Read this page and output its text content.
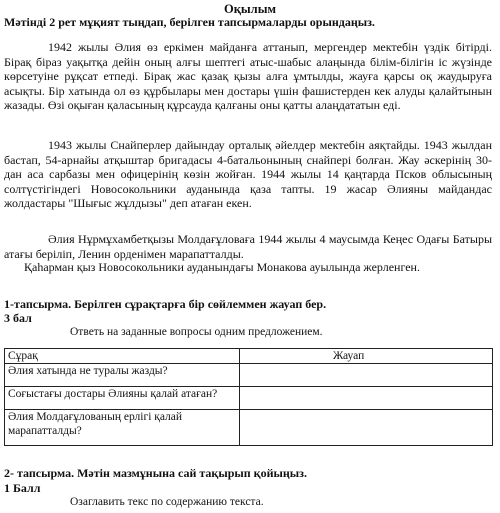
Оқылым
Мәтінді 2 рет мұқият тыңдап, берілген тапсырмаларды орындаңыз.
1942 жылы Әлия өз еркімен майданға аттанып, мергендер мектебін үздік бітірді. Бірақ біраз уақытқа дейін оның алғы шептегі атыс-шабыс алаңында білім-білігін іс жүзінде көрсетуіне рұқсат етпеді. Бірақ жас қазақ қызы алға ұмтылды, жауға қарсы оқ жаудыруға асықты. Бір хатында ол өз құрбылары мен достары үшін фашистерден кек алуды қалайтынын жазады. Өзі оқыған қаласының құрсауда қалғаны оны қатты алаңдататын еді.
1943 жылы Снайперлер дайындау орталық әйелдер мектебін аяқтайды. 1943 жылдан бастап, 54-арнайы атқыштар бригадасы 4-батальонының снайпері болған. Жау әскерінің 30-дан аса сарбазы мен офицерінің көзін жойған. 1944 жылы 14 қаңтарда Псков облысының солтүстігіндегі Новосокольники ауданында қаза тапты. 19 жасар Әлияны майдандас жолдастары "Шығыс жұлдызы" деп атаған екен.
Әлия Нұрмұхамбетқызы Молдағұловаға 1944 жылы 4 маусымда Кеңес Одағы Батыры атағы беріліп, Ленин орденімен марапатталды.
Қаһарман қыз Новосокольники ауданындағы Монакова ауылында жерленген.
1-тапсырма. Берілген сұрақтарға бір сөйлеммен жауап бер.
3 бал
Ответь на заданные вопросы одним предложением.
Сұрақ	Жауап
Әлия хатында не туралы жазды?	
Соғыстағы достары Әлияны қалай атаған?	
Әлия Молдағұлованың ерлігі қалай марапатталды?	
2- тапсырма. Мәтін мазмұнына сай тақырып қойыңыз.
1 Балл
Озаглавить текс по содержанию текста.
